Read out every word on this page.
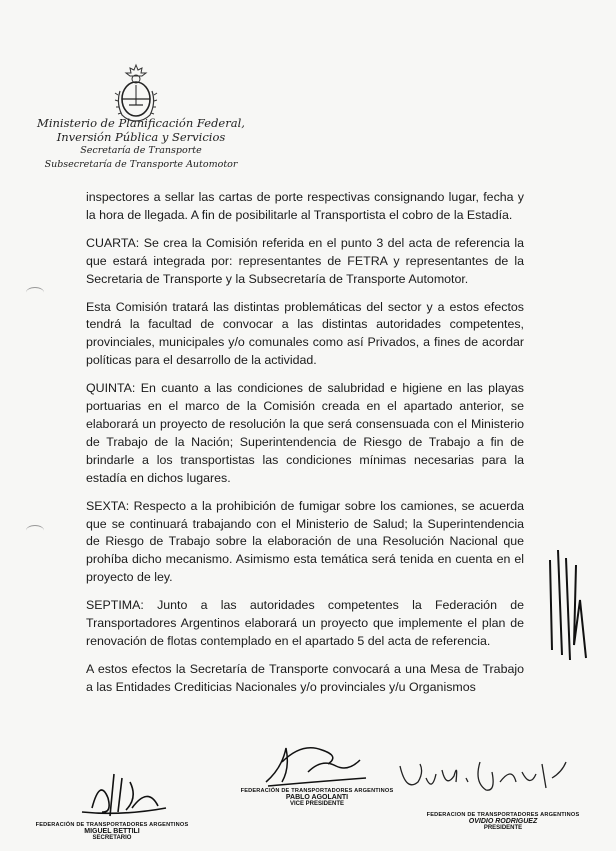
Ministerio de Planificación Federal,
Inversión Pública y Servicios
Secretaría de Transporte
Subsecretaría de Transporte Automotor

inspectores a sellar las cartas de porte respectivas consignando lugar, fecha y la hora de llegada. A fin de posibilitarle al Transportista el cobro de la Estadía.

CUARTA: Se crea la Comisión referida en el punto 3 del acta de referencia la que estará integrada por: representantes de FETRA y representantes de la Secretaria de Transporte y la Subsecretaría de Transporte Automotor.

Esta Comisión tratará las distintas problemáticas del sector y a estos efectos tendrá la facultad de convocar a las distintas autoridades competentes, provinciales, municipales y/o comunales como así Privados, a fines de acordar políticas para el desarrollo de la actividad.

QUINTA: En cuanto a las condiciones de salubridad e higiene en las playas portuarias en el marco de la Comisión creada en el apartado anterior, se elaborará un proyecto de resolución la que será consensuada con el Ministerio de Trabajo de la Nación; Superintendencia de Riesgo de Trabajo a fin de brindarle a los transportistas las condiciones mínimas necesarias para la estadía en dichos lugares.

SEXTA: Respecto a la prohibición de fumigar sobre los camiones, se acuerda que se continuará trabajando con el Ministerio de Salud; la Superintendencia de Riesgo de Trabajo sobre la elaboración de una Resolución Nacional que prohíba dicho mecanismo. Asimismo esta temática será tenida en cuenta en el proyecto de ley.

SEPTIMA: Junto a las autoridades competentes la Federación de Transportadores Argentinos elaborará un proyecto que implemente el plan de renovación de flotas contemplado en el apartado 5 del acta de referencia.

A estos efectos la Secretaría de Transporte convocará a una Mesa de Trabajo a las Entidades Crediticias Nacionales y/o provinciales y/u Organismos

FEDERACIÓN DE TRANSPORTADORES ARGENTINOS
MIGUEL BETTILI
SECRETARIO
FEDERACIÓN DE TRANSPORTADORES ARGENTINOS
PABLO AGOLANTI
VICE PRESIDENTE
FEDERACION DE TRANSPORTADORES ARGENTINOS
OVIDIO RODRIGUEZ
PRESIDENTE
